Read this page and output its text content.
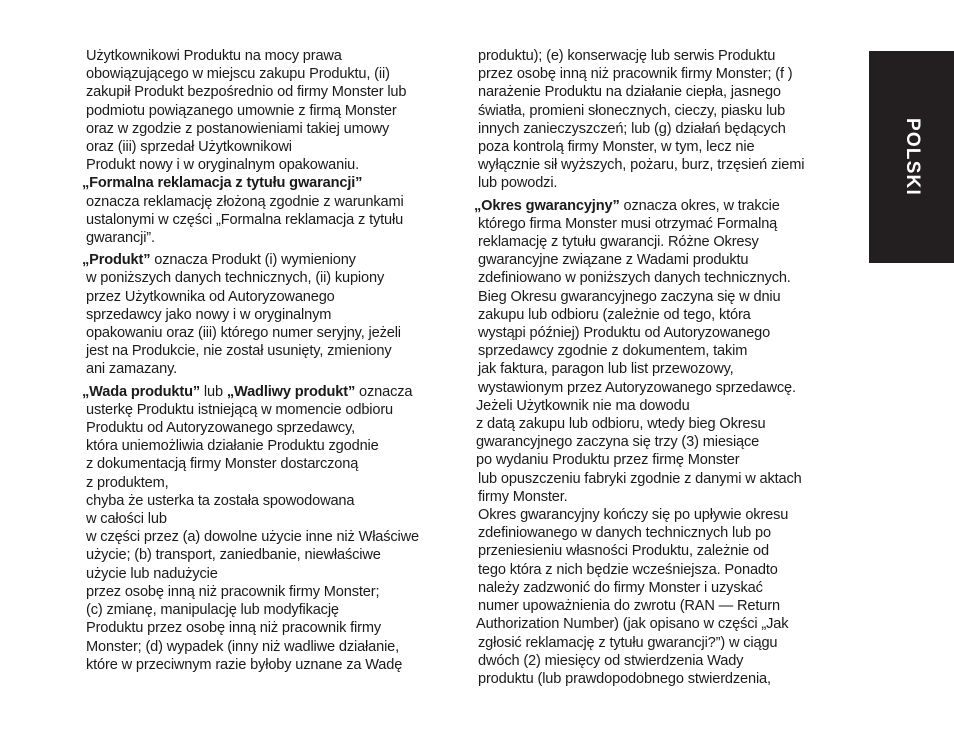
Użytkownikowi Produktu na mocy prawa
obowiązującego w miejscu zakupu Produktu, (ii)
zakupił Produkt bezpośrednio od firmy Monster lub
podmiotu powiązanego umownie z firmą Monster
oraz w zgodzie z postanowieniami takiej umowy
oraz (iii) sprzedał Użytkownikowi
Produkt nowy i w oryginalnym opakowaniu.
„Formalna reklamacja z tytułu gwarancji”
oznacza reklamację złożoną zgodnie z warunkami
ustalonymi w części „Formalna reklamacja z tytułu
gwarancji”.
„Produkt” oznacza Produkt (i) wymieniony
w poniższych danych technicznych, (ii) kupiony
przez Użytkownika od Autoryzowanego
sprzedawcy jako nowy i w oryginalnym
opakowaniu oraz (iii) którego numer seryjny, jeżeli
jest na Produkcie, nie został usunięty, zmieniony
ani zamazany.
„Wada produktu” lub „Wadliwy produkt” oznacza
usterkę Produktu istniejącą w momencie odbioru
Produktu od Autoryzowanego sprzedawcy,
która uniemożliwia działanie Produktu zgodnie
z dokumentacją firmy Monster dostarczoną
z produktem,
chyba że usterka ta została spowodowana
w całości lub
w części przez (a) dowolne użycie inne niż Właściwe
użycie; (b) transport, zaniedbanie, niewłaściwe
użycie lub nadużycie
przez osobę inną niż pracownik firmy Monster;
(c) zmianę, manipulację lub modyfikację
Produktu przez osobę inną niż pracownik firmy
Monster; (d) wypadek (inny niż wadliwe działanie,
które w przeciwnym razie byłoby uznane za Wadę
produktu); (e) konserwację lub serwis Produktu
przez osobę inną niż pracownik firmy Monster; (f )
narażenie Produktu na działanie ciepła, jasnego
światła, promieni słonecznych, cieczy, piasku lub
innych zanieczyszczeń; lub (g) działań będących
poza kontrolą firmy Monster, w tym, lecz nie
wyłącznie sił wyższych, pożaru, burz, trzęsień ziemi
lub powodzi.
„Okres gwarancyjny” oznacza okres, w trakcie
którego firma Monster musi otrzymać Formalną
reklamację z tytułu gwarancji. Różne Okresy
gwarancyjne związane z Wadami produktu
zdefiniowano w poniższych danych technicznych.
Bieg Okresu gwarancyjnego zaczyna się w dniu
zakupu lub odbioru (zależnie od tego, która
wystąpi później) Produktu od Autoryzowanego
sprzedawcy zgodnie z dokumentem, takim
jak faktura, paragon lub list przewozowy,
wystawionym przez Autoryzowanego sprzedawcę.
Jeżeli Użytkownik nie ma dowodu
z datą zakupu lub odbioru, wtedy bieg Okresu
gwarancyjnego zaczyna się trzy (3) miesiące
po wydaniu Produktu przez firmę Monster
lub opuszczeniu fabryki zgodnie z danymi w aktach
firmy Monster.
Okres gwarancyjny kończy się po upływie okresu
zdefiniowanego w danych technicznych lub po
przeniesieniu własności Produktu, zależnie od
tego która z nich będzie wcześniejsza. Ponadto
należy zadzwonić do firmy Monster i uzyskać
numer upoważnienia do zwrotu (RAN — Return
Authorization Number) (jak opisano w części „Jak
zgłosić reklamację z tytułu gwarancji?”) w ciągu
dwóch (2) miesięcy od stwierdzenia Wady
produktu (lub prawdopodobnego stwierdzenia,
POLSKI
